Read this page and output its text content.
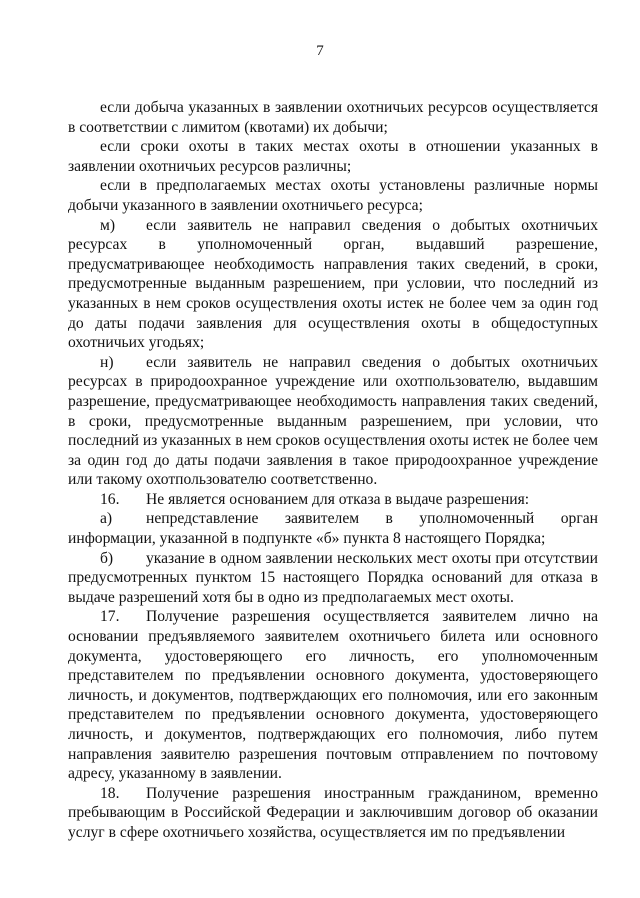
7

если добыча указанных в заявлении охотничьих ресурсов осуществляется в соответствии с лимитом (квотами) их добычи;

если сроки охоты в таких местах охоты в отношении указанных в заявлении охотничьих ресурсов различны;

если в предполагаемых местах охоты установлены различные нормы добычи указанного в заявлении охотничьего ресурса;

м) если заявитель не направил сведения о добытых охотничьих ресурсах в уполномоченный орган, выдавший разрешение, предусматривающее необходимость направления таких сведений, в сроки, предусмотренные выданным разрешением, при условии, что последний из указанных в нем сроков осуществления охоты истек не более чем за один год до даты подачи заявления для осуществления охоты в общедоступных охотничьих угодьях;

н) если заявитель не направил сведения о добытых охотничьих ресурсах в природоохранное учреждение или охотпользователю, выдавшим разрешение, предусматривающее необходимость направления таких сведений, в сроки, предусмотренные выданным разрешением, при условии, что последний из указанных в нем сроков осуществления охоты истек не более чем за один год до даты подачи заявления в такое природоохранное учреждение или такому охотпользователю соответственно.

16. Не является основанием для отказа в выдаче разрешения:

а) непредставление заявителем в уполномоченный орган информации, указанной в подпункте «б» пункта 8 настоящего Порядка;

б) указание в одном заявлении нескольких мест охоты при отсутствии предусмотренных пунктом 15 настоящего Порядка оснований для отказа в выдаче разрешений хотя бы в одно из предполагаемых мест охоты.

17. Получение разрешения осуществляется заявителем лично на основании предъявляемого заявителем охотничьего билета или основного документа, удостоверяющего его личность, его уполномоченным представителем по предъявлении основного документа, удостоверяющего личность, и документов, подтверждающих его полномочия, или его законным представителем по предъявлении основного документа, удостоверяющего личность, и документов, подтверждающих его полномочия, либо путем направления заявителю разрешения почтовым отправлением по почтовому адресу, указанному в заявлении.

18. Получение разрешения иностранным гражданином, временно пребывающим в Российской Федерации и заключившим договор об оказании услуг в сфере охотничьего хозяйства, осуществляется им по предъявлении
